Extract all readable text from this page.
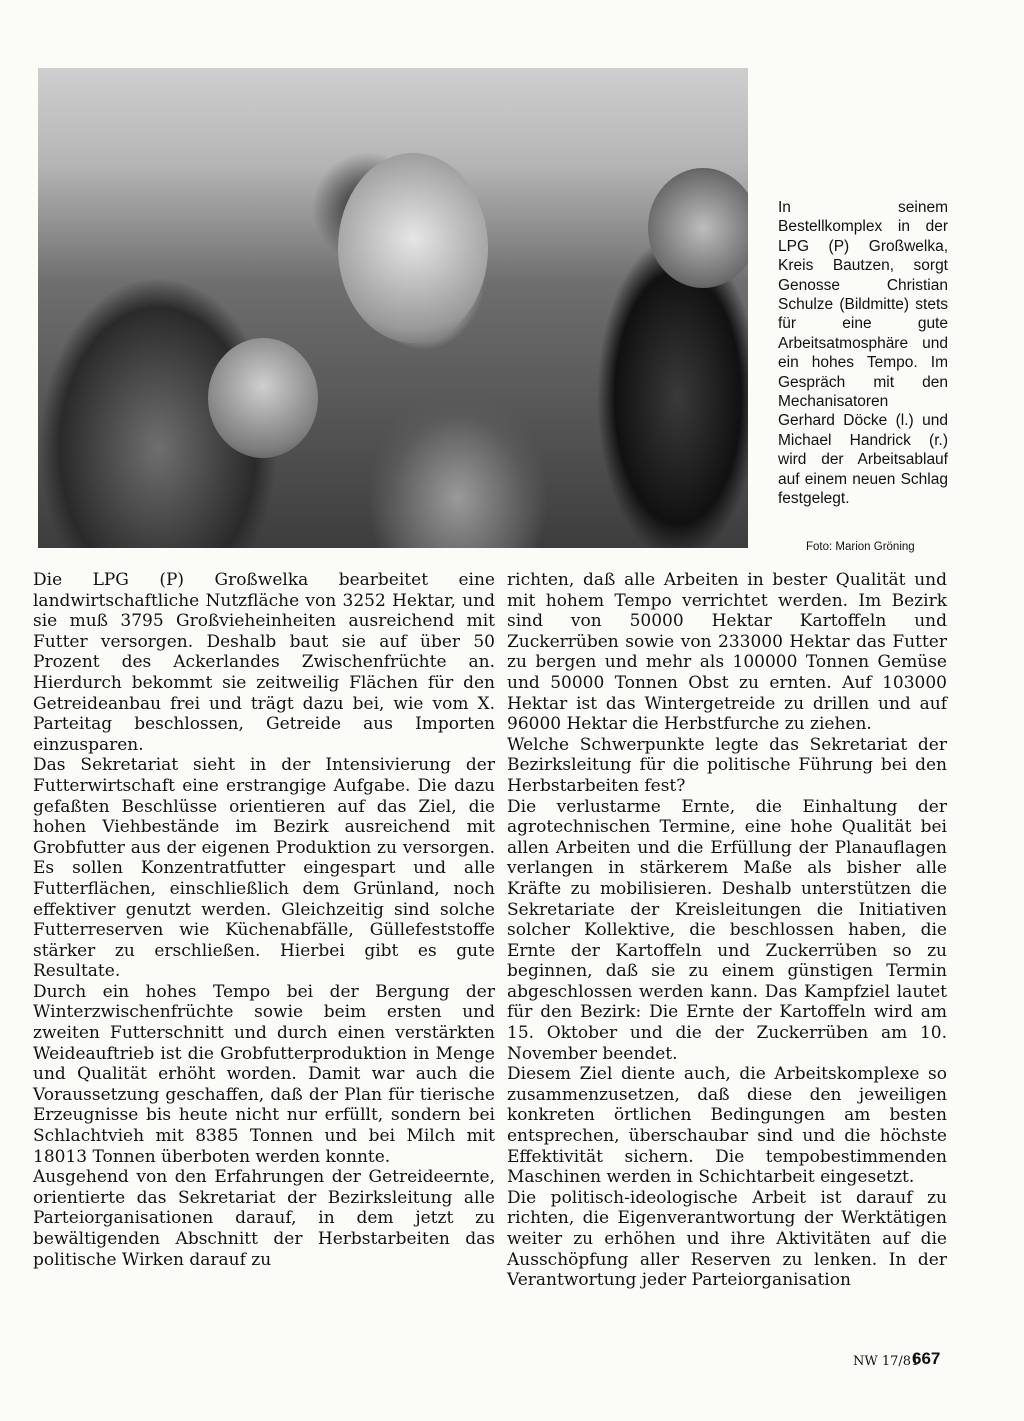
In seinem Bestellkomplex in der LPG (P) Großwelka, Kreis Bautzen, sorgt Genosse Christian Schulze (Bildmitte) stets für eine gute Arbeitsatmosphäre und ein hohes Tempo. Im Gespräch mit den Mechanisatoren Gerhard Döcke (l.) und Michael Handrick (r.) wird der Arbeitsablauf auf einem neuen Schlag festgelegt.
Foto: Marion Gröning

Die LPG (P) Großwelka bearbeitet eine landwirtschaftliche Nutzfläche von 3252 Hektar, und sie muß 3795 Großvieheinheiten ausreichend mit Futter versorgen. Deshalb baut sie auf über 50 Prozent des Ackerlandes Zwischenfrüchte an. Hierdurch bekommt sie zeitweilig Flächen für den Getreideanbau frei und trägt dazu bei, wie vom X. Parteitag beschlossen, Getreide aus Importen einzusparen.

Das Sekretariat sieht in der Intensivierung der Futterwirtschaft eine erstrangige Aufgabe. Die dazu gefaßten Beschlüsse orientieren auf das Ziel, die hohen Viehbestände im Bezirk ausreichend mit Grobfutter aus der eigenen Produktion zu versorgen. Es sollen Konzentratfutter eingespart und alle Futterflächen, einschließlich dem Grünland, noch effektiver genutzt werden. Gleichzeitig sind solche Futterreserven wie Küchenabfälle, Güllefeststoffe stärker zu erschließen. Hierbei gibt es gute Resultate.

Durch ein hohes Tempo bei der Bergung der Winterzwischenfrüchte sowie beim ersten und zweiten Futterschnitt und durch einen verstärkten Weideauftrieb ist die Grobfutterproduktion in Menge und Qualität erhöht worden. Damit war auch die Voraussetzung geschaffen, daß der Plan für tierische Erzeugnisse bis heute nicht nur erfüllt, sondern bei Schlachtvieh mit 8385 Tonnen und bei Milch mit 18013 Tonnen überboten werden konnte.

Ausgehend von den Erfahrungen der Getreideernte, orientierte das Sekretariat der Bezirksleitung alle Parteiorganisationen darauf, in dem jetzt zu bewältigenden Abschnitt der Herbstarbeiten das politische Wirken darauf zu

richten, daß alle Arbeiten in bester Qualität und mit hohem Tempo verrichtet werden. Im Bezirk sind von 50000 Hektar Kartoffeln und Zuckerrüben sowie von 233000 Hektar das Futter zu bergen und mehr als 100000 Tonnen Gemüse und 50000 Tonnen Obst zu ernten. Auf 103000 Hektar ist das Wintergetreide zu drillen und auf 96000 Hektar die Herbstfurche zu ziehen.

Welche Schwerpunkte legte das Sekretariat der Bezirksleitung für die politische Führung bei den Herbstarbeiten fest?

Die verlustarme Ernte, die Einhaltung der agrotechnischen Termine, eine hohe Qualität bei allen Arbeiten und die Erfüllung der Planauflagen verlangen in stärkerem Maße als bisher alle Kräfte zu mobilisieren. Deshalb unterstützen die Sekretariate der Kreisleitungen die Initiativen solcher Kollektive, die beschlossen haben, die Ernte der Kartoffeln und Zuckerrüben so zu beginnen, daß sie zu einem günstigen Termin abgeschlossen werden kann. Das Kampfziel lautet für den Bezirk: Die Ernte der Kartoffeln wird am 15. Oktober und die der Zuckerrüben am 10. November beendet.

Diesem Ziel diente auch, die Arbeitskomplexe so zusammenzusetzen, daß diese den jeweiligen konkreten örtlichen Bedingungen am besten entsprechen, überschaubar sind und die höchste Effektivität sichern. Die tempobestimmenden Maschinen werden in Schichtarbeit eingesetzt.

Die politisch-ideologische Arbeit ist darauf zu richten, die Eigenverantwortung der Werktätigen weiter zu erhöhen und ihre Aktivitäten auf die Ausschöpfung aller Reserven zu lenken. In der Verantwortung jeder Parteiorganisation

NW 17/81
667
